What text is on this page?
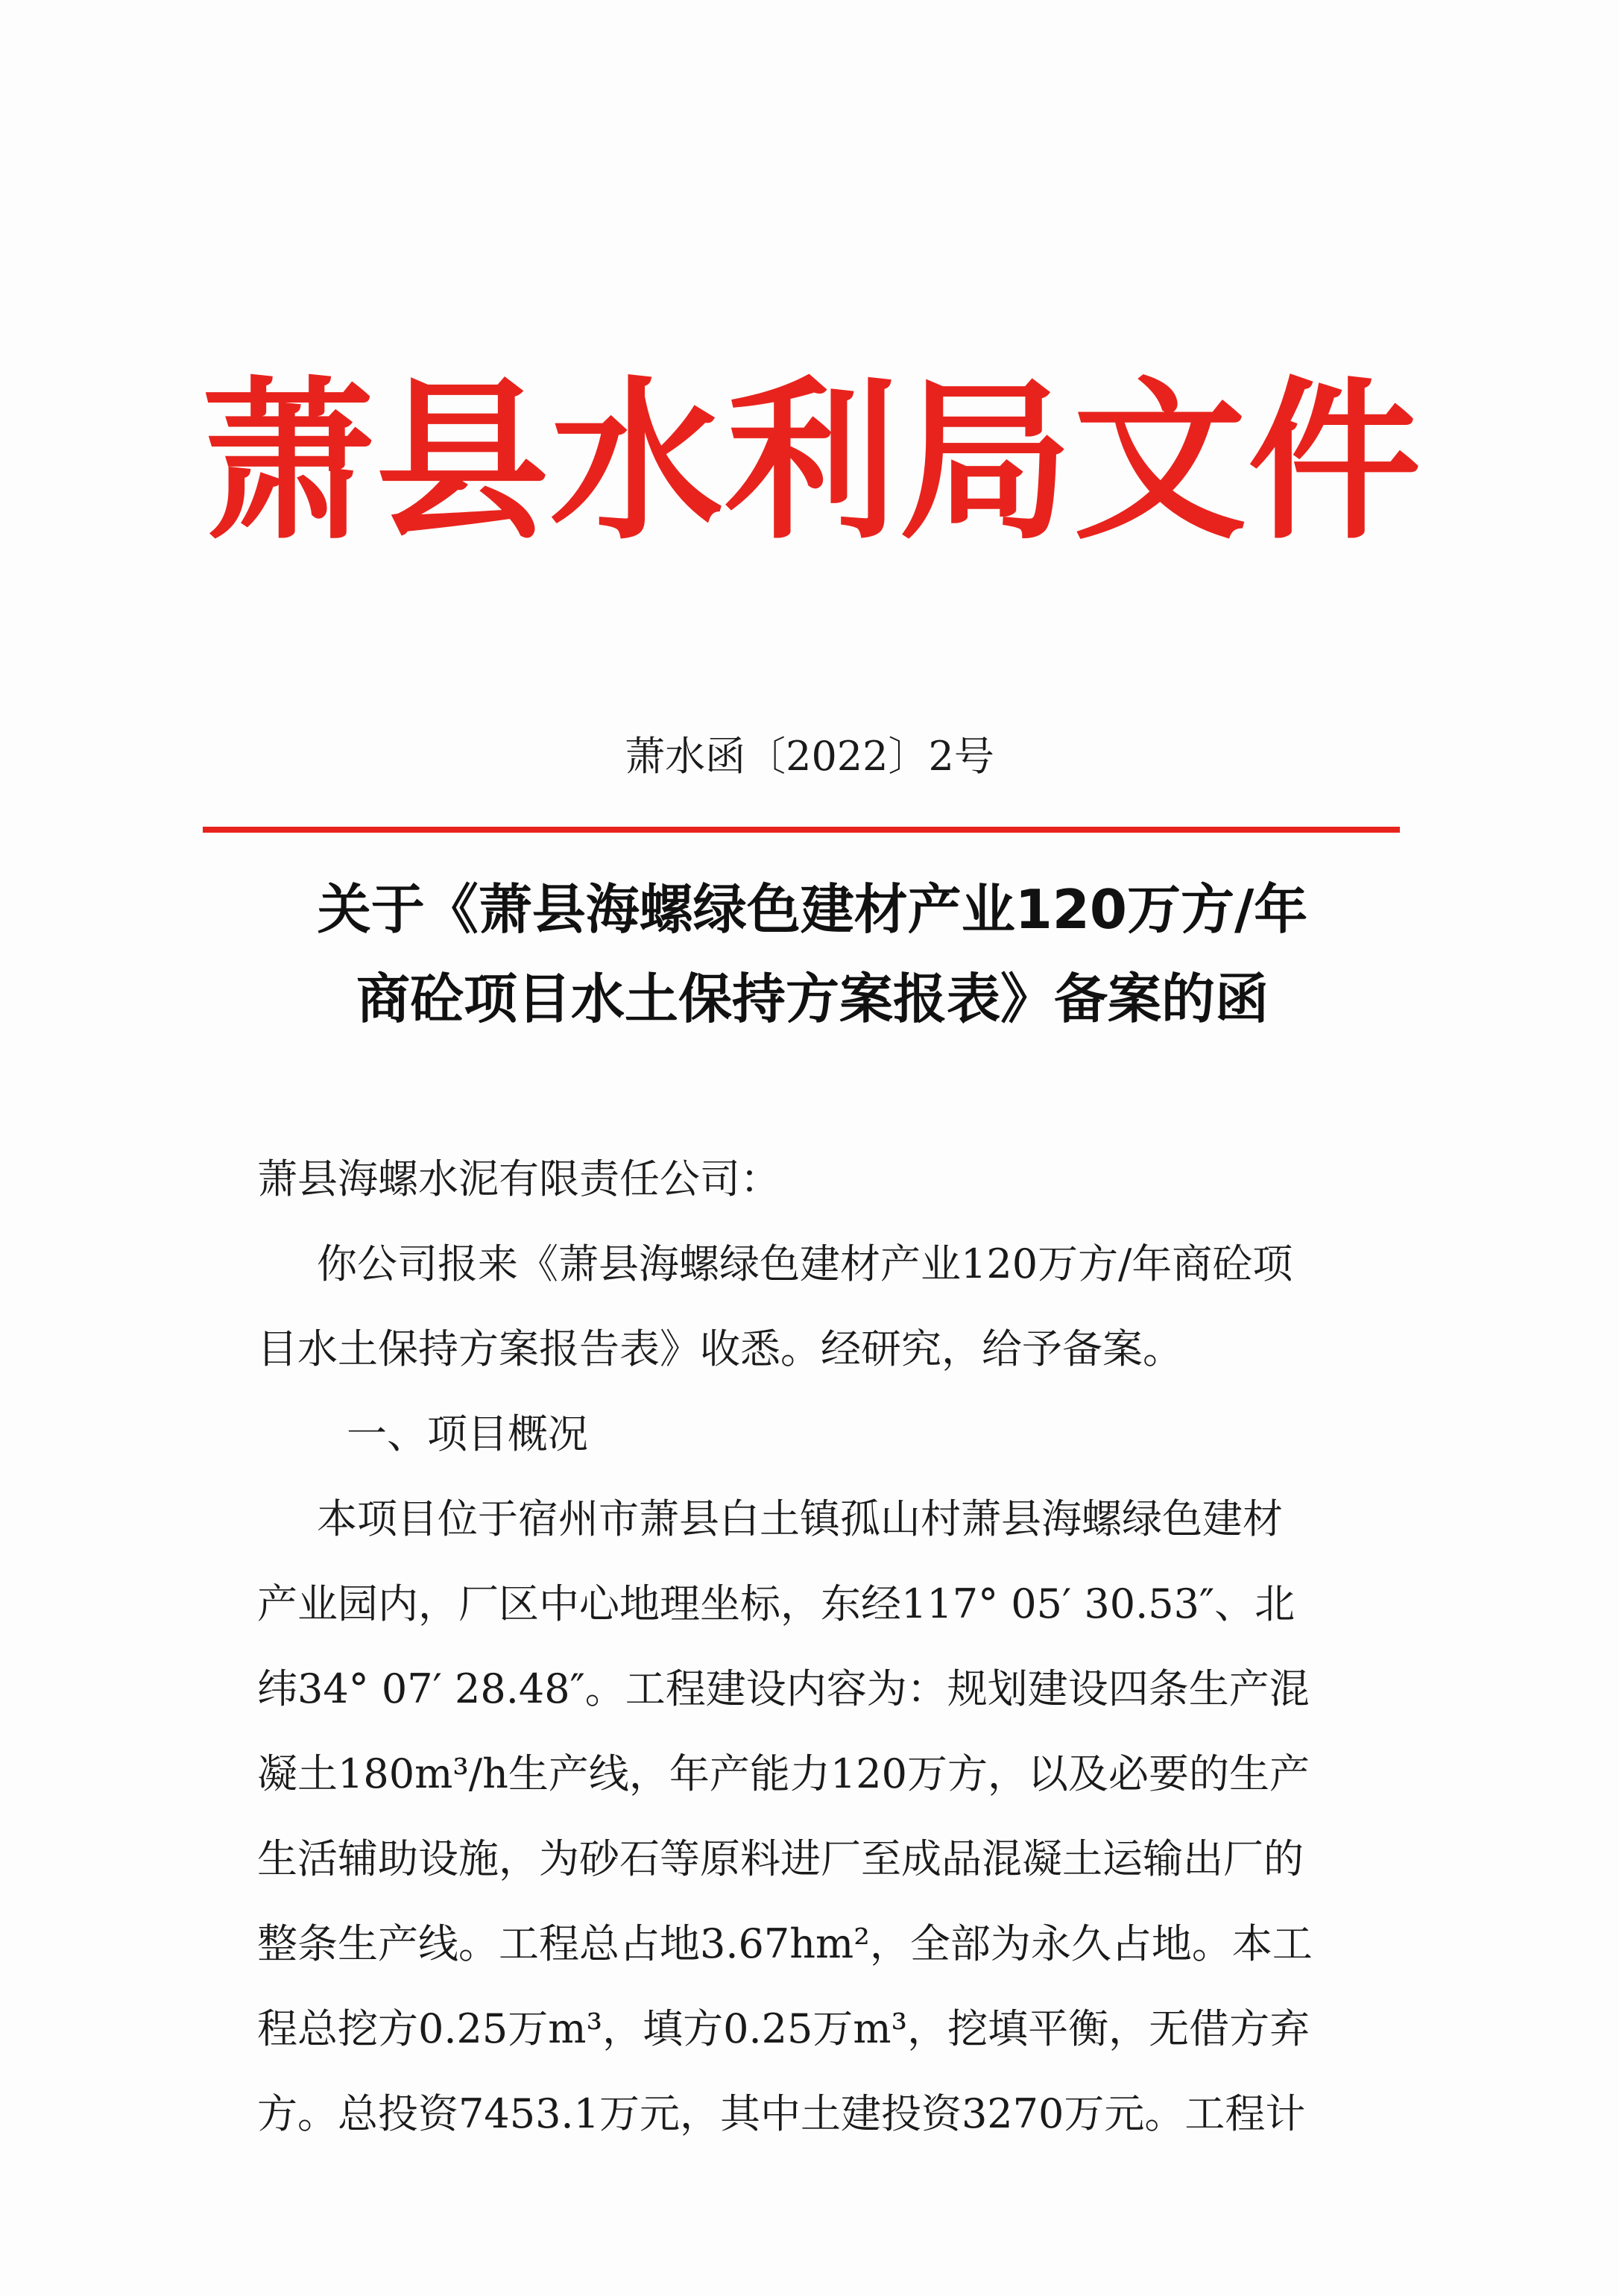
萧县水利局文件
萧水函〔2022〕2号
关于《萧县海螺绿色建材产业120万方/年
商砼项目水土保持方案报表》备案的函
萧县海螺水泥有限责任公司：
你公司报来《萧县海螺绿色建材产业120万方/年商砼项
目水土保持方案报告表》收悉。经研究，给予备案。
一、项目概况
本项目位于宿州市萧县白土镇孤山村萧县海螺绿色建材
产业园内，厂区中心地理坐标，东经117° 05′ 30.53″、北
纬34° 07′ 28.48″。工程建设内容为：规划建设四条生产混
凝土180m³/h生产线，年产能力120万方，以及必要的生产
生活辅助设施，为砂石等原料进厂至成品混凝土运输出厂的
整条生产线。工程总占地3.67hm²，全部为永久占地。本工
程总挖方0.25万m³，填方0.25万m³，挖填平衡，无借方弃
方。总投资7453.1万元，其中土建投资3270万元。工程计
